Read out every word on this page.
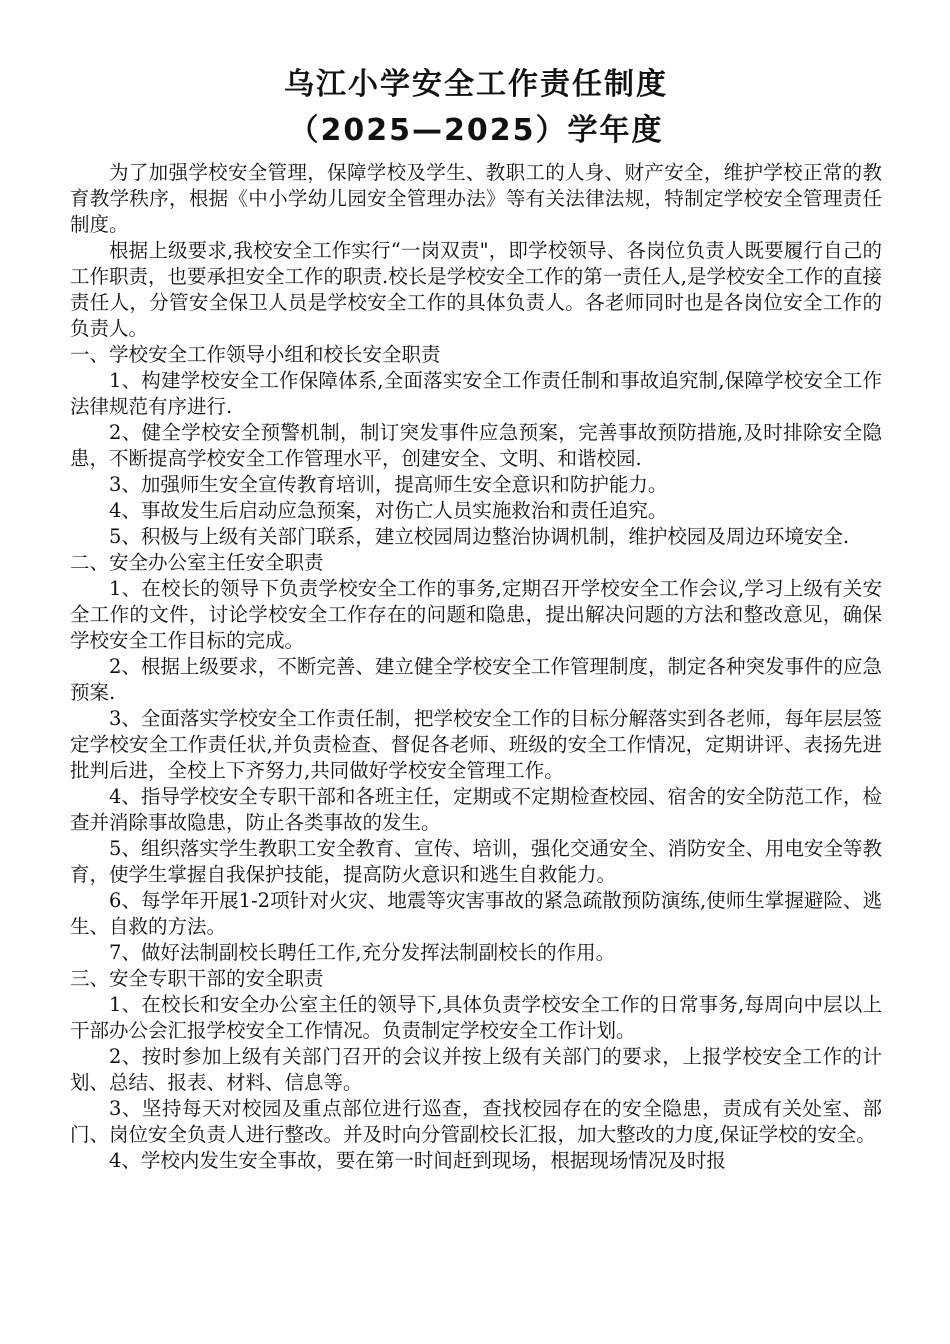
乌江小学安全工作责任制度
（2025—2025）学年度

为了加强学校安全管理，保障学校及学生、教职工的人身、财产安全，维护学校正常的教育教学秩序，根据《中小学幼儿园安全管理办法》等有关法律法规，特制定学校安全管理责任制度。

根据上级要求,我校安全工作实行“一岗双责"，即学校领导、各岗位负责人既要履行自己的工作职责，也要承担安全工作的职责.校长是学校安全工作的第一责任人,是学校安全工作的直接责任人，分管安全保卫人员是学校安全工作的具体负责人。各老师同时也是各岗位安全工作的负责人。

一、学校安全工作领导小组和校长安全职责

1、构建学校安全工作保障体系,全面落实安全工作责任制和事故追究制,保障学校安全工作法律规范有序进行.

2、健全学校安全预警机制，制订突发事件应急预案，完善事故预防措施,及时排除安全隐患，不断提高学校安全工作管理水平，创建安全、文明、和谐校园.

3、加强师生安全宣传教育培训，提高师生安全意识和防护能力。

4、事故发生后启动应急预案，对伤亡人员实施救治和责任追究。

5、积极与上级有关部门联系，建立校园周边整治协调机制，维护校园及周边环境安全.

二、安全办公室主任安全职责

1、在校长的领导下负责学校安全工作的事务,定期召开学校安全工作会议,学习上级有关安全工作的文件，讨论学校安全工作存在的问题和隐患，提出解决问题的方法和整改意见，确保学校安全工作目标的完成。

2、根据上级要求，不断完善、建立健全学校安全工作管理制度，制定各种突发事件的应急预案.

3、全面落实学校安全工作责任制，把学校安全工作的目标分解落实到各老师，每年层层签定学校安全工作责任状,并负责检查、督促各老师、班级的安全工作情况，定期讲评、表扬先进批判后进，全校上下齐努力,共同做好学校安全管理工作。

4、指导学校安全专职干部和各班主任，定期或不定期检查校园、宿舍的安全防范工作，检查并消除事故隐患，防止各类事故的发生。

5、组织落实学生教职工安全教育、宣传、培训，强化交通安全、消防安全、用电安全等教育，使学生掌握自我保护技能，提高防火意识和逃生自救能力。

6、每学年开展1-2项针对火灾、地震等灾害事故的紧急疏散预防演练,使师生掌握避险、逃生、自救的方法。

7、做好法制副校长聘任工作,充分发挥法制副校长的作用。

三、安全专职干部的安全职责

1、在校长和安全办公室主任的领导下,具体负责学校安全工作的日常事务,每周向中层以上干部办公会汇报学校安全工作情况。负责制定学校安全工作计划。

2、按时参加上级有关部门召开的会议并按上级有关部门的要求，上报学校安全工作的计划、总结、报表、材料、信息等。

3、坚持每天对校园及重点部位进行巡查，查找校园存在的安全隐患，责成有关处室、部门、岗位安全负责人进行整改。并及时向分管副校长汇报，加大整改的力度,保证学校的安全。

4、学校内发生安全事故，要在第一时间赶到现场，根据现场情况及时报
